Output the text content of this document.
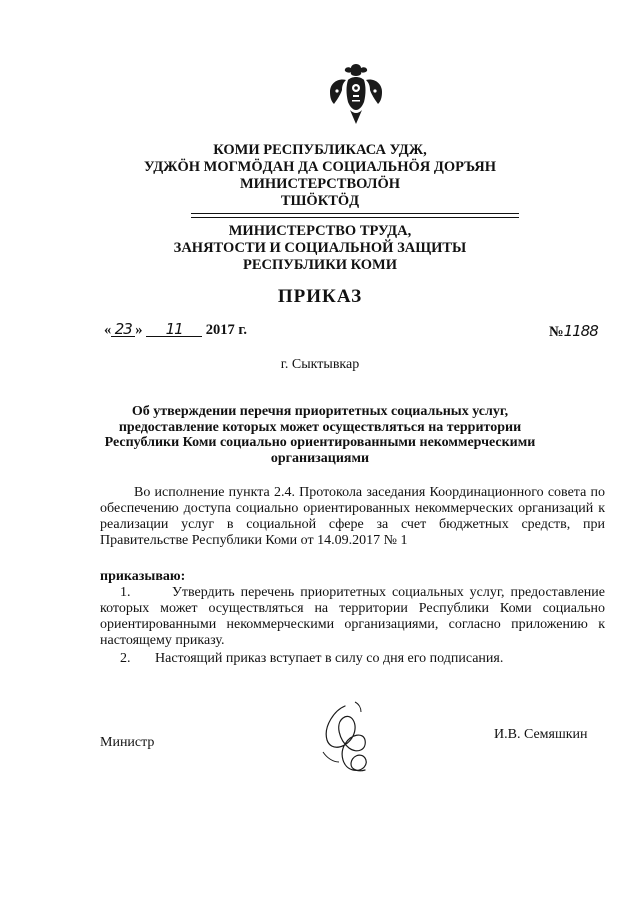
КОМИ РЕСПУБЛИКАСА УДЖ,
УДЖӦН МОГМӦДАН ДА СОЦИАЛЬНӦЯ ДОРЪЯН
МИНИСТЕРСТВОЛӦН
ТШӦКТӦД
МИНИСТЕРСТВО ТРУДА,
ЗАНЯТОСТИ И СОЦИАЛЬНОЙ ЗАЩИТЫ
РЕСПУБЛИКИ КОМИ
ПРИКАЗ
« 23 » 11 2017 г.	№1188
г. Сыктывкар
Об утверждении перечня приоритетных социальных услуг,
предоставление которых может осуществляться на территории
Республики Коми социально ориентированными некоммерческими
организациями
Во исполнение пункта 2.4. Протокола заседания Координационного совета по обеспечению доступа социально ориентированных некоммерческих организаций к реализации услуг в социальной сфере за счет бюджетных средств, при Правительстве Республики Коми от 14.09.2017 № 1
приказываю:
1.	Утвердить перечень приоритетных социальных услуг, предоставление которых может осуществляться на территории Республики Коми социально ориентированными некоммерческими организациями, согласно приложению к настоящему приказу.
2. Настоящий приказ вступает в силу со дня его подписания.
Министр
И.В. Семяшкин
